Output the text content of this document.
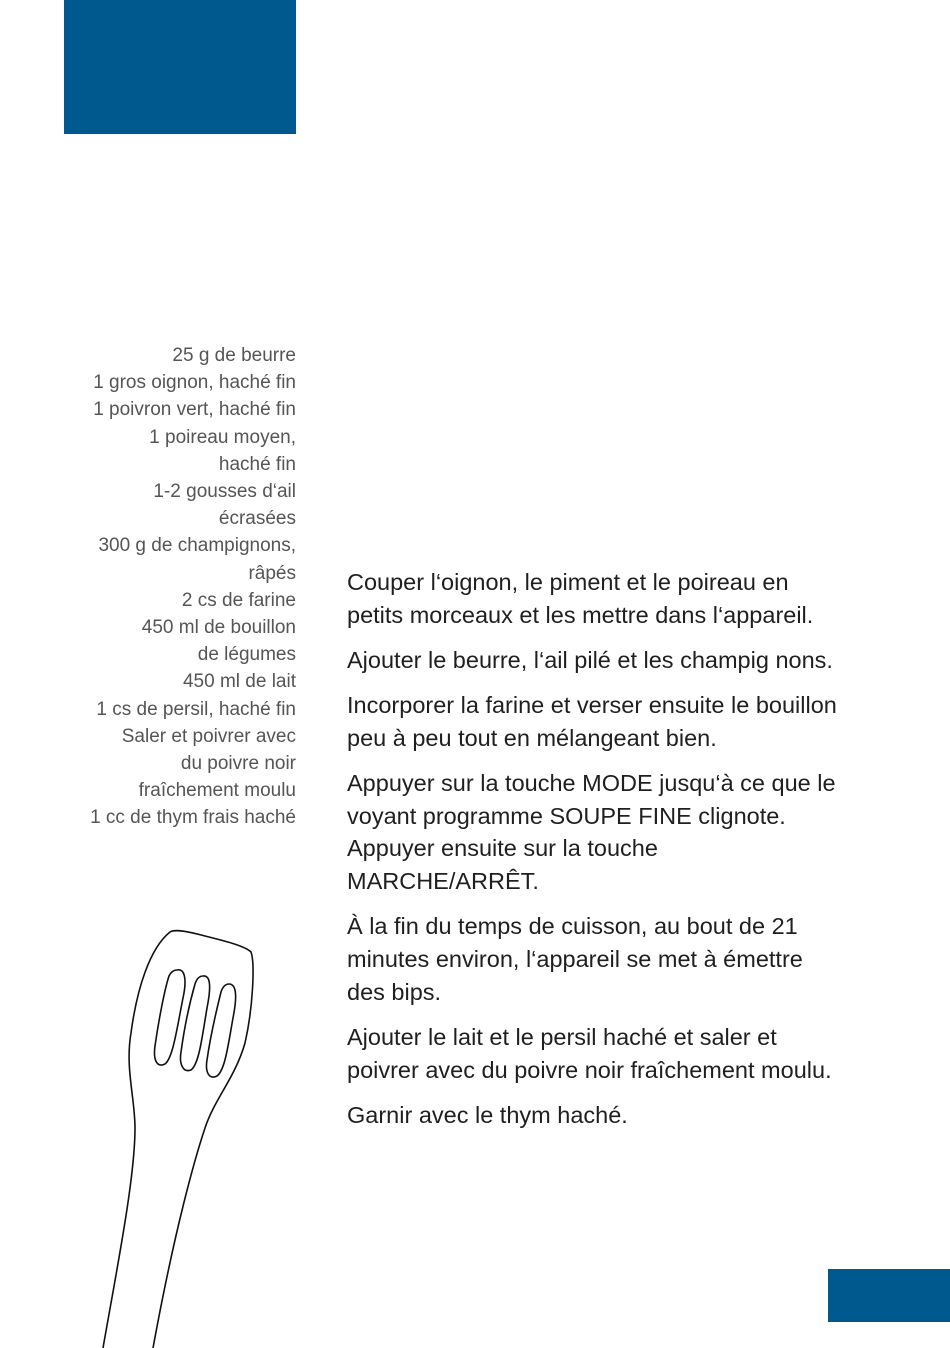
25 g de beurre
1 gros oignon, haché fin
1 poivron vert, haché fin
1 poireau moyen,
haché fin
1-2 gousses d‘ail
écrasées
300 g de champignons,
râpés
2 cs de farine
450 ml de bouillon
de légumes
450 ml de lait
1 cs de persil, haché fin
Saler et poivrer avec
du poivre noir
fraîchement moulu
1 cc de thym frais haché

Couper l‘oignon, le piment et le poireau en petits morceaux et les mettre dans l‘appareil.

Ajouter le beurre, l‘ail pilé et les champig nons.

Incorporer la farine et verser ensuite le bouillon peu à peu tout en mélangeant bien.

Appuyer sur la touche MODE jusqu‘à ce que le voyant programme SOUPE FINE clignote. Appuyer ensuite sur la touche MARCHE/ARRÊT.

À la fin du temps de cuisson, au bout de 21 minutes environ, l‘appareil se met à émettre des bips.

Ajouter le lait et le persil haché et saler et poivrer avec du poivre noir fraîchement moulu.

Garnir avec le thym haché.
